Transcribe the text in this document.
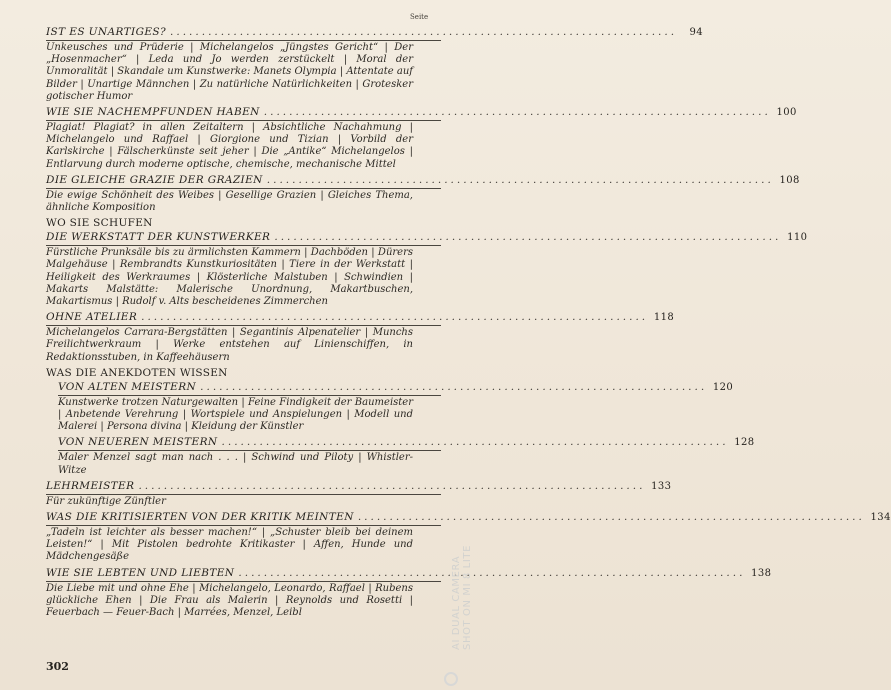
Seite
IST ES UNARTIGES? ................................................................................	94
Unkeusches und Prüderie | Michelangelos „Jüngstes Gericht“ | Der „Hosenmacher“ | Leda und Jo werden zerstückelt | Moral der Unmoralität | Skandale um Kunstwerke: Manets Olympia | Attentate auf Bilder | Unartige Männchen | Zu natürliche Natürlichkeiten | Grotesker gotischer Humor
WIE SIE NACHEMPFUNDEN HABEN ................................................................................ 100
Plagiat! Plagiat? in allen Zeitaltern | Absichtliche Nachahmung | Michelangelo und Raffael | Giorgione und Tizian | Vorbild der Karlskirche | Fälscherkünste seit jeher | Die „Antike“ Michelangelos | Entlarvung durch moderne optische, chemische, mechanische Mittel
DIE GLEICHE GRAZIE DER GRAZIEN ................................................................................ 108
Die ewige Schönheit des Weibes | Gesellige Grazien | Gleiches Thema, ähnliche Komposition
WO SIE SCHUFEN
DIE WERKSTATT DER KUNSTWERKER ................................................................................ 110
Fürstliche Prunksäle bis zu ärmlichsten Kammern | Dachböden | Dürers Malgehäuse | Rembrandts Kunstkuriositäten | Tiere in der Werkstatt | Heiligkeit des Werkraumes | Klösterliche Malstuben | Schwindien | Makarts Malstätte: Malerische Unordnung, Makartbuschen, Makartismus | Rudolf v. Alts bescheidenes Zimmerchen
OHNE ATELIER ................................................................................ 118
Michelangelos Carrara-Bergstätten | Segantinis Alpenatelier | Munchs Freilichtwerkraum | Werke entstehen auf Linienschiffen, in Redaktionsstuben, in Kaffeehäusern
WAS DIE ANEKDOTEN WISSEN
VON ALTEN MEISTERN ................................................................................ 120
Kunstwerke trotzen Naturgewalten | Feine Findigkeit der Baumeister | Anbetende Verehrung | Wortspiele und Anspielungen | Modell und Malerei | Persona divina | Kleidung der Künstler
VON NEUEREN MEISTERN ................................................................................ 128
Maler Menzel sagt man nach . . . | Schwind und Piloty | Whistler-Witze
LEHRMEISTER ................................................................................ 133
Für zukünftige Zünftler
WAS DIE KRITISIERTEN VON DER KRITIK MEINTEN ................................................................................ 134
„Tadeln ist leichter als besser machen!“ | „Schuster bleib bei deinem Leisten!“ | Mit Pistolen bedrohte Kritikaster | Affen, Hunde und Mädchengesäße
WIE SIE LEBTEN UND LIEBTEN ................................................................................ 138
Die Liebe mit und ohne Ehe | Michelangelo, Leonardo, Raffael | Rubens glückliche Ehen | Die Frau als Malerin | Reynolds und Rosetti | Feuerbach — Feuer-Bach | Marrées, Menzel, Leibl
302
SHOT ON MI 8 LITE
AI DUAL CAMERA
